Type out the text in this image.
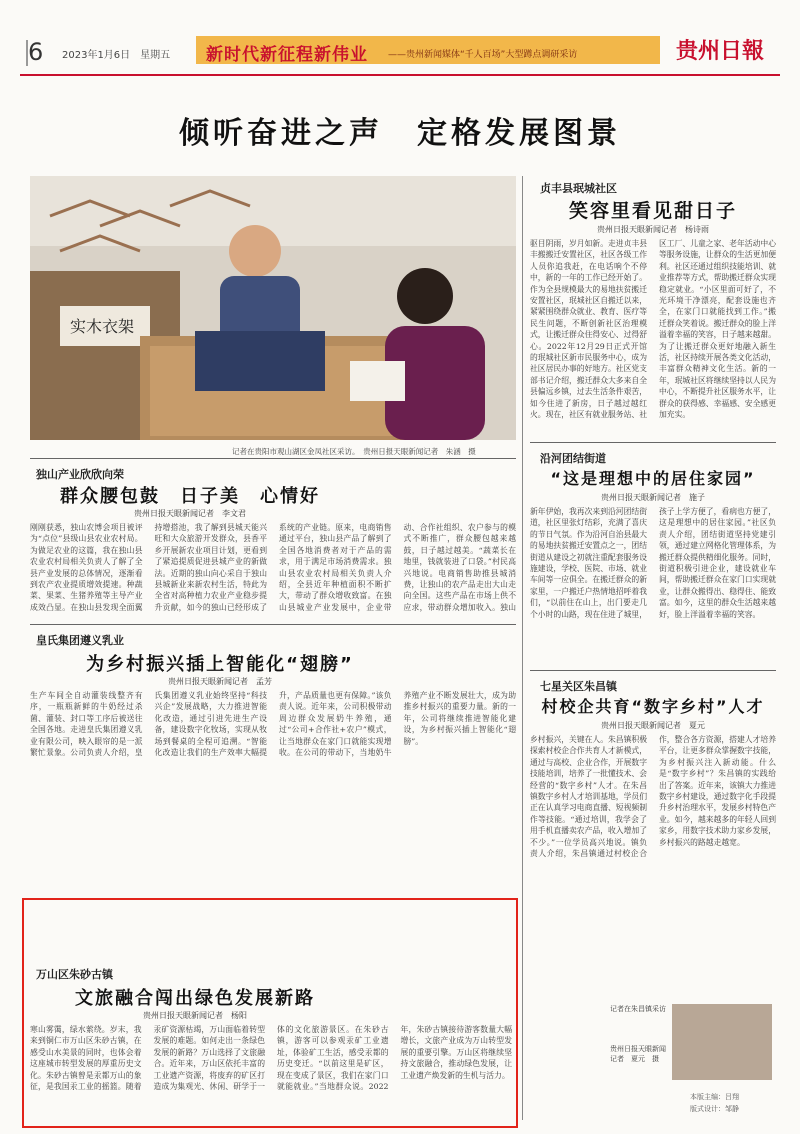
6 2023年1月6日　星期五 新时代新征程新伟业 ——贵州新闻媒体“千人百场”大型蹲点调研采访	贵州日報
倾听奋进之声　定格发展图景
实木衣架
记者在贵阳市观山湖区金凤社区采访。　贵州日报天眼新闻记者　朱涵　摄
贞丰县珉城社区
笑容里看见甜日子
贵州日报天眼新闻记者　杨诗雨
驱目阴雨，岁月如新。走进贞丰县丰搬搬迁安置社区，社区各级工作人员你追我赶，在电话响个不停中，新的一年的工作已经开始了。作为全县规模最大的易地扶贫搬迁安置社区，珉城社区自搬迁以来，紧紧围绕群众就业、教育、医疗等民生问题，不断创新社区治理模式，让搬迁群众住得安心、过得舒心。2022年12月29日正式开馆的珉城社区新市民服务中心，成为社区居民办事的好地方。社区党支部书记介绍，搬迁群众大多来自全县偏远乡镇，过去生活条件艰苦，如今住进了新房，日子越过越红火。现在，社区有就业服务站、社区工厂、儿童之家、老年活动中心等服务设施，让群众的生活更加便利。社区还通过组织技能培训、就业推荐等方式，帮助搬迁群众实现稳定就业。“小区里面可好了，不光环境干净漂亮，配套设施也齐全，在家门口就能找到工作。”搬迁群众笑着说。搬迁群众的脸上洋溢着幸福的笑容，日子越来越甜。为了让搬迁群众更好地融入新生活，社区持续开展各类文化活动，丰富群众精神文化生活。新的一年，珉城社区将继续坚持以人民为中心，不断提升社区服务水平，让群众的获得感、幸福感、安全感更加充实。
沿河团结街道
“这是理想中的居住家园”
贵州日报天眼新闻记者　施子
新年伊始，我再次来到沿河团结街道，社区里张灯结彩，充满了喜庆的节日气氛。作为沿河自治县最大的易地扶贫搬迁安置点之一，团结街道从建设之初就注重配套服务设施建设，学校、医院、市场、就业车间等一应俱全。在搬迁群众的新家里，一户搬迁户热情地招呼着我们，“以前住在山上，出门要走几个小时的山路，现在住进了城里，孩子上学方便了，看病也方便了，这是理想中的居住家园。”社区负责人介绍，团结街道坚持党建引领，通过建立网格化管理体系，为搬迁群众提供精细化服务。同时，街道积极引进企业，建设就业车间，帮助搬迁群众在家门口实现就业，让群众搬得出、稳得住、能致富。如今，这里的群众生活越来越好，脸上洋溢着幸福的笑容。
独山产业欣欣向荣
群众腰包鼓　日子美　心情好
贵州日报天眼新闻记者　李文君
刚刚获悉，独山农博会项目被评为“点位”县级山县农业农村局。为做足农业的这篇，我在独山县农业农村局相关负责人了解了全县产业发展的总体情况，逐渐看到农产农业提质增效提速。种蔬菜、果菜、生猪养殖等主导产业成效凸显。在独山县发现全面翼持增搭池，我了解到县城天能兴旺和大众旅游开发群众，县香平乡开展新农业项目计划，更看到了紧追提质促进县城产业的新做法。近期的独山向心采自于独山县城新业来新农村生活，特此为全省对高种植力农业产业稳步提升贡献，如今的独山已经形成了系统的产业链。原来，电商销售通过平台，独山县产品了解到了全国各地消费者对于产品的需求，用于满足市场消费需求。独山县农业农村局相关负责人介绍，全县近年种植面积不断扩大，带动了群众增收致富。在独山县城业产业发展中，企业带动、合作社组织、农户参与的模式不断推广，群众腰包越来越鼓，日子越过越美。“蔬菜长在地里，钱就装进了口袋。”村民高兴地说。电商销售助推县城消费，让独山的农产品走出大山走向全国。这些产品在市场上供不应求，带动群众增加收入。独山
皇氏集团遵义乳业
为乡村振兴插上智能化“翅膀”
贵州日报天眼新闻记者　孟芳
生产车间全自动灌装线整齐有序，一瓶瓶新鲜的牛奶经过杀菌、灌装、封口等工序后被送往全国各地。走进皇氏集团遵义乳业有限公司，映入眼帘的是一派繁忙景象。公司负责人介绍，皇氏集团遵义乳业始终坚持“科技兴企”发展战略，大力推进智能化改造，通过引进先进生产设备，建设数字化牧场，实现从牧场到餐桌的全程可追溯。“智能化改造让我们的生产效率大幅提升，产品质量也更有保障。”该负责人说。近年来，公司积极带动周边群众发展奶牛养殖，通过“公司+合作社+农户”模式，让当地群众在家门口就能实现增收。在公司的带动下，当地奶牛养殖产业不断发展壮大，成为助推乡村振兴的重要力量。新的一年，公司将继续推进智能化建设，为乡村振兴插上智能化“翅膀”。
七星关区朱昌镇
村校企共育“数字乡村”人才
贵州日报天眼新闻记者　夏元
乡村振兴，关键在人。朱昌镇积极探索村校企合作共育人才新模式，通过与高校、企业合作，开展数字技能培训，培养了一批懂技术、会经营的“数字乡村”人才。在朱昌镇数字乡村人才培训基地，学员们正在认真学习电商直播、短视频制作等技能。“通过培训，我学会了用手机直播卖农产品，收入增加了不少。”一位学员高兴地说。镇负责人介绍，朱昌镇通过村校企合作，整合各方资源，搭建人才培养平台，让更多群众掌握数字技能，为乡村振兴注入新动能。什么是“数字乡村”？朱昌镇的实践给出了答案。近年来，该镇大力推进数字乡村建设，通过数字化手段提升乡村治理水平，发展乡村特色产业。如今，越来越多的年轻人回到家乡，用数字技术助力家乡发展，乡村振兴的路越走越宽。
万山区朱砂古镇
文旅融合闯出绿色发展新路
贵州日报天眼新闻记者　杨阳
寒山雾霭，绿水萦绕。岁末，我来到铜仁市万山区朱砂古镇，在感受山水美景的同时，也体会着这座城市转型发展的厚重历史文化。朱砂古镇曾是汞都万山的象征，是我国汞工业的摇篮。随着汞矿资源枯竭，万山面临着转型发展的难题。如何走出一条绿色发展的新路？万山选择了文旅融合。近年来，万山区依托丰富的工业遗产资源，将废弃的矿区打造成为集观光、休闲、研学于一体的文化旅游景区。在朱砂古镇，游客可以参观汞矿工业遗址，体验矿工生活，感受汞都的历史变迁。“以前这里是矿区，现在变成了景区，我们在家门口就能就业。”当地群众说。2022年，朱砂古镇接待游客数量大幅增长，文旅产业成为万山转型发展的重要引擎。万山区将继续坚持文旅融合，推动绿色发展，让工业遗产焕发新的生机与活力。
记者在朱昌镇采访
贵州日报天眼新闻记者　夏元　摄
本版主编：吕翔
版式设计：邹静
